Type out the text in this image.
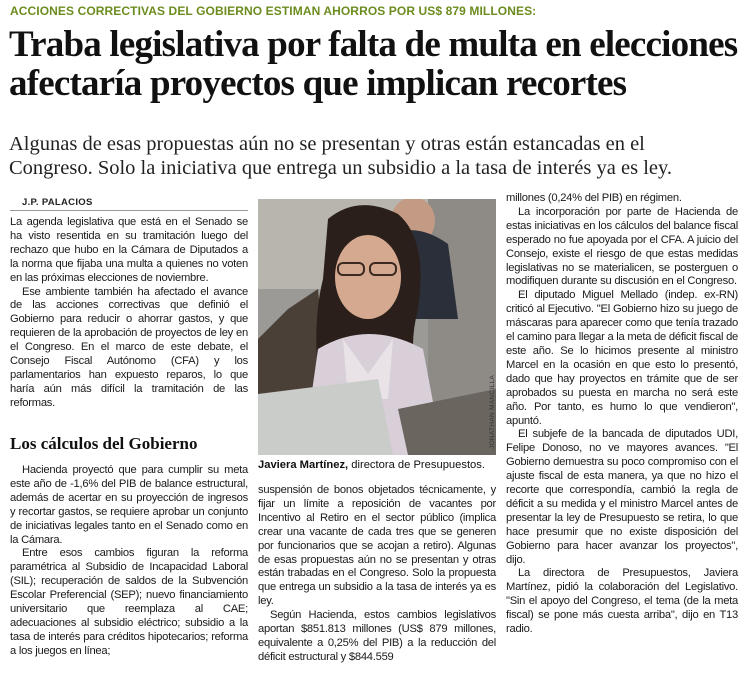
ACCIONES CORRECTIVAS DEL GOBIERNO ESTIMAN AHORROS POR US$ 879 MILLONES:
Traba legislativa por falta de multa en elecciones
afectaría proyectos que implican recortes

Algunas de esas propuestas aún no se presentan y otras están estancadas en el
Congreso. Solo la iniciativa que entrega un subsidio a la tasa de interés ya es ley.

J.P. PALACIOS

La agenda legislativa que está en el Senado se ha visto resentida en su tramitación luego del rechazo que hubo en la Cámara de Diputados a la norma que fijaba una multa a quienes no voten en las próximas elecciones de noviembre.

Ese ambiente también ha afectado el avance de las acciones correctivas que definió el Gobierno para reducir o ahorrar gastos, y que requieren de la aprobación de proyectos de ley en el Congreso. En el marco de este debate, el Consejo Fiscal Autónomo (CFA) y los parlamentarios han expuesto reparos, lo que haría aún más difícil la tramitación de las reformas.

Los cálculos del Gobierno

Hacienda proyectó que para cumplir su meta este año de -1,6% del PIB de balance estructural, además de acertar en su proyección de ingresos y recortar gastos, se requiere aprobar un conjunto de iniciativas legales tanto en el Senado como en la Cámara.

Entre esos cambios figuran la reforma paramétrica al Subsidio de Incapacidad Laboral (SIL); recuperación de saldos de la Subvención Escolar Preferencial (SEP); nuevo financiamiento universitario que reemplaza al CAE; adecuaciones al subsidio eléctrico; subsidio a la tasa de interés para créditos hipotecarios; reforma a los juegos en línea;

JONATHAN MANCILLA
Javiera Martínez, directora de Presupuestos.

suspensión de bonos objetados técnicamente, y fijar un límite a reposición de vacantes por Incentivo al Retiro en el sector público (implica crear una vacante de cada tres que se generen por funcionarios que se acojan a retiro). Algunas de esas propuestas aún no se presentan y otras están trabadas en el Congreso. Solo la propuesta que entrega un subsidio a la tasa de interés ya es ley.

Según Hacienda, estos cambios legislativos aportan $851.813 millones (US$ 879 millones, equivalente a 0,25% del PIB) a la reducción del déficit estructural y $844.559

millones (0,24% del PIB) en régimen.

La incorporación por parte de Hacienda de estas iniciativas en los cálculos del balance fiscal esperado no fue apoyada por el CFA. A juicio del Consejo, existe el riesgo de que estas medidas legislativas no se materialicen, se posterguen o modifiquen durante su discusión en el Congreso.

El diputado Miguel Mellado (indep. ex-RN) criticó al Ejecutivo. "El Gobierno hizo su juego de máscaras para aparecer como que tenía trazado el camino para llegar a la meta de déficit fiscal de este año. Se lo hicimos presente al ministro Marcel en la ocasión en que esto lo presentó, dado que hay proyectos en trámite que de ser aprobados su puesta en marcha no será este año. Por tanto, es humo lo que vendieron", apuntó.

El subjefe de la bancada de diputados UDI, Felipe Donoso, no ve mayores avances. "El Gobierno demuestra su poco compromiso con el ajuste fiscal de esta manera, ya que no hizo el recorte que correspondía, cambió la regla de déficit a su medida y el ministro Marcel antes de presentar la ley de Presupuesto se retira, lo que hace presumir que no existe disposición del Gobierno para hacer avanzar los proyectos", dijo.

La directora de Presupuestos, Javiera Martínez, pidió la colaboración del Legislativo. "Sin el apoyo del Congreso, el tema (de la meta fiscal) se pone más cuesta arriba", dijo en T13 radio.
